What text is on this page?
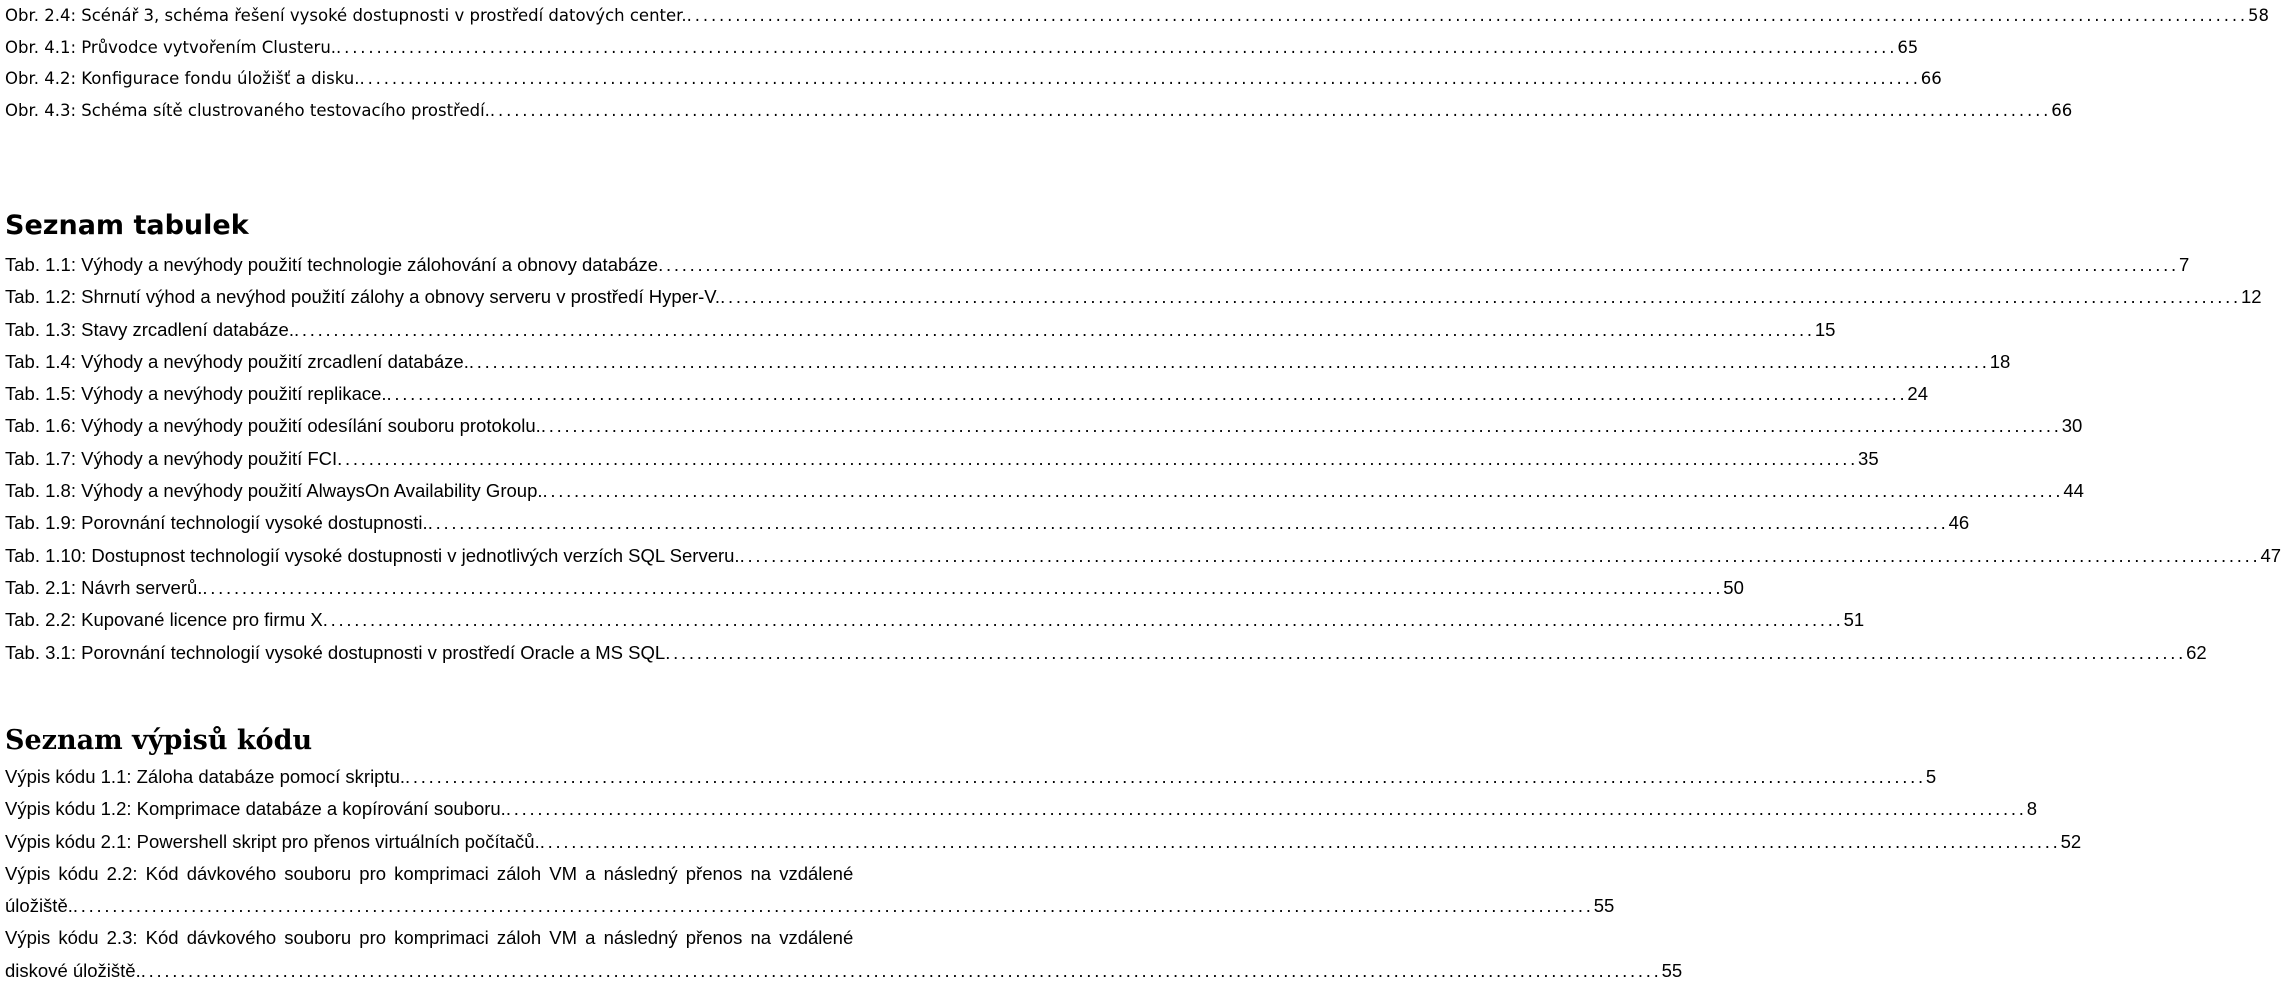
Obr. 2.4: Scénář 3, schéma řešení vysoké dostupnosti v prostředí datových center. . . .	58
Obr. 4.1: Průvodce vytvořením Clusteru. . . .	65
Obr. 4.2: Konfigurace fondu úložišť a disku. . . .	66
Obr. 4.3: Schéma sítě clustrovaného testovacího prostředí. . . .	66
Seznam tabulek
Tab. 1.1: Výhody a nevýhody použití technologie zálohování a obnovy databáze . . .	7
Tab. 1.2: Shrnutí výhod a nevýhod použití zálohy a obnovy serveru v prostředí Hyper-V. . . .	12
Tab. 1.3: Stavy zrcadlení databáze. . . .	15
Tab. 1.4: Výhody a nevýhody použití zrcadlení databáze. . . .	18
Tab. 1.5: Výhody a nevýhody použití replikace. . . .	24
Tab. 1.6: Výhody a nevýhody použití odesílání souboru protokolu. . . .	30
Tab. 1.7: Výhody a nevýhody použití FCI . . .	35
Tab. 1.8: Výhody a nevýhody použití AlwaysOn Availability Group. . . .	44
Tab. 1.9: Porovnání technologií vysoké dostupnosti. . . .	46
Tab. 1.10: Dostupnost technologií vysoké dostupnosti v jednotlivých verzích SQL Serveru. . . .	47
Tab. 2.1: Návrh serverů. . . .	50
Tab. 2.2: Kupované licence pro firmu X . . .	51
Tab. 3.1: Porovnání technologií vysoké dostupnosti v prostředí Oracle a MS SQL . . .	62
Seznam výpisů kódu
Výpis kódu 1.1: Záloha databáze pomocí skriptu. . . .	5
Výpis kódu 1.2: Komprimace databáze a kopírování souboru. . . .	8
Výpis kódu 2.1: Powershell skript pro přenos virtuálních počítačů. . . .	52
Výpis kódu 2.2: Kód dávkového souboru pro komprimaci záloh VM a následný přenos na vzdálené
úložiště. . . .	55
Výpis kódu 2.3: Kód dávkového souboru pro komprimaci záloh VM a následný přenos na vzdálené
diskové úložiště. . . .	55
